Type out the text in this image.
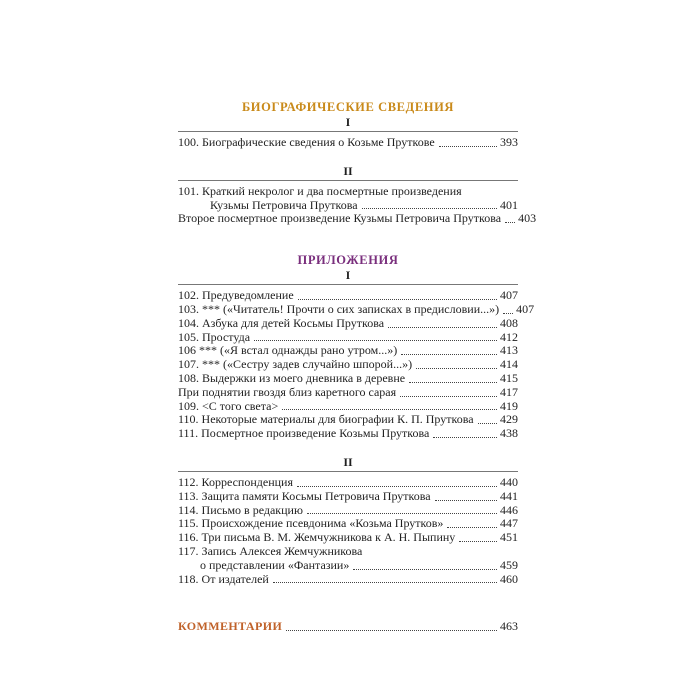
БИОГРАФИЧЕСКИЕ СВЕДЕНИЯ
I
100. Биографические сведения о Козьме Пруткове	393
II
101. Краткий некролог и два посмертные произведения
Кузьмы Петровича Пруткова	401
Второе посмертное произведение Кузьмы Петровича Пруткова 403
ПРИЛОЖЕНИЯ
I
102. Предуведомление	407
103. *** («Читатель! Прочти о сих записках в предисловии...») 407
104. Азбука для детей Косьмы Пруткова	408
105. Простуда	412
106 *** («Я встал однажды рано утром...»)	413
107. *** («Сестру задев случайно шпорой...»)	414
108. Выдержки из моего дневника в деревне	415
При поднятии гвоздя близ каретного сарая	417
109. <С того света>	419
110. Некоторые материалы для биографии К. П. Пруткова 429
111. Посмертное произведение Козьмы Пруткова	438
II
112. Корреспонденция	440
113. Защита памяти Косьмы Петровича Пруткова	441
114. Письмо в редакцию	446
115. Происхождение псевдонима «Козьма Прутков»	447
116. Три письма В. М. Жемчужникова к А. Н. Пыпину	451
117. Запись Алексея Жемчужникова
о представлении «Фантазии»	459
118. От издателей	460
КОММЕНТАРИИ	463
